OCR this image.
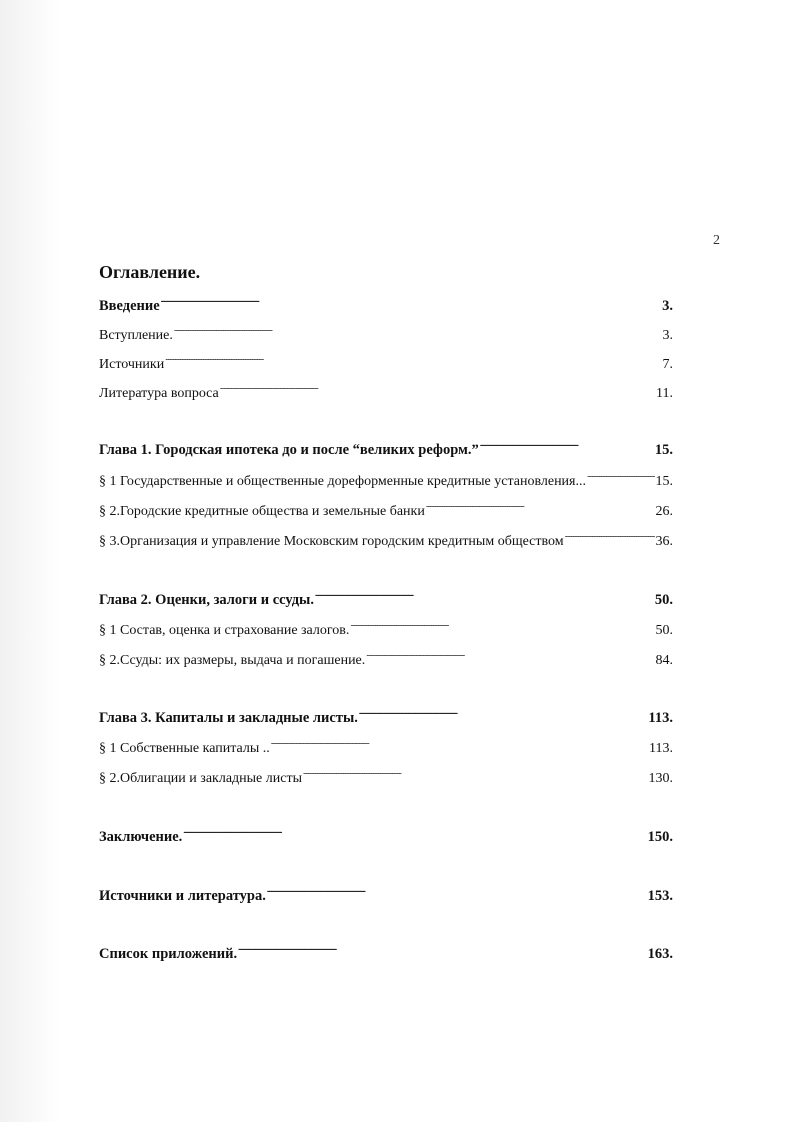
2
Оглавление.
Введение . . .	3.
Вступление. . . .	3.
Источники . . .	7.
Литература вопроса . . .	11.
Глава 1. Городская ипотека до и после “великих реформ.” . . .	15.
§ 1 Государственные и общественные дореформенные кредитные установления... . . .	15.
§ 2.Городские кредитные общества и земельные банки . . .	26.
§ 3.Организация и управление Московским городским кредитным обществом . . .	36.
Глава 2. Оценки, залоги и ссуды. . . .	50.
§ 1 Состав, оценка и страхование залогов. . . .	50.
§ 2.Ссуды: их размеры, выдача и погашение. . . .	84.
Глава 3. Капиталы и закладные листы. . . .	113.
§ 1 Собственные капиталы .. . . .	113.
§ 2.Облигации и закладные листы . . .	130.
Заключение. . . .	150.
Источники и литература. . . .	153.
Список приложений. . . .	163.
